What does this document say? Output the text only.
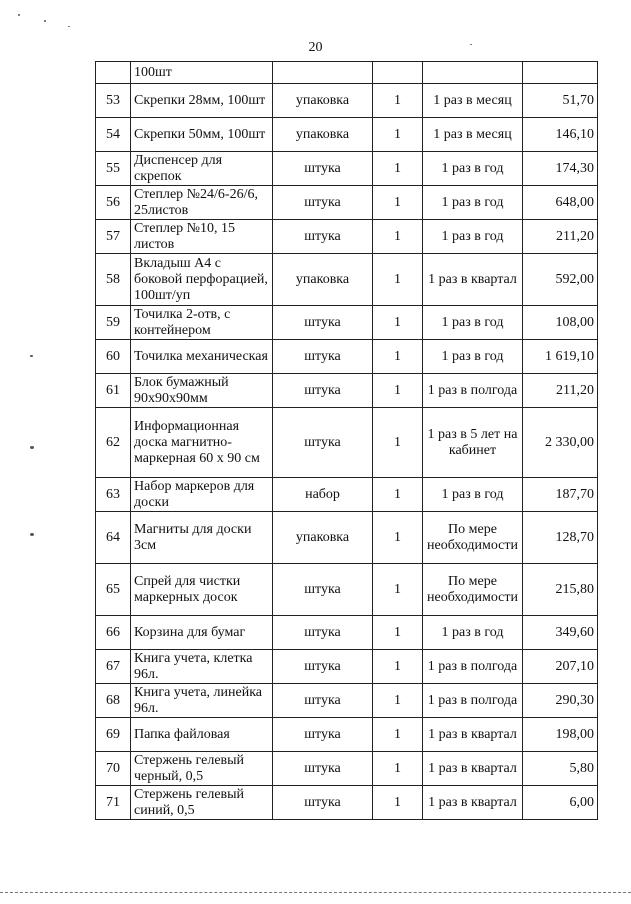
20
	100шт				
53	Скрепки 28мм, 100шт	упаковка	1	1 раз в месяц	51,70
54	Скрепки 50мм, 100шт	упаковка	1	1 раз в месяц	146,10
55	Диспенсер для скрепок	штука	1	1 раз в год	174,30
56	Степлер №24/6-26/6, 25листов	штука	1	1 раз в год	648,00
57	Степлер №10, 15 листов	штука	1	1 раз в год	211,20
58	Вкладыш А4 с боковой перфорацией, 100шт/уп	упаковка	1	1 раз в квартал	592,00
59	Точилка 2-отв, с контейнером	штука	1	1 раз в год	108,00
60	Точилка механическая	штука	1	1 раз в год	1 619,10
61	Блок бумажный 90х90х90мм	штука	1	1 раз в полгода	211,20
62	Информационная доска магнитно-маркерная 60 х 90 см	штука	1	1 раз в 5 лет на кабинет	2 330,00
63	Набор маркеров для доски	набор	1	1 раз в год	187,70
64	Магниты для доски 3см	упаковка	1	По мере необходимости	128,70
65	Спрей для чистки маркерных досок	штука	1	По мере необходимости	215,80
66	Корзина для бумаг	штука	1	1 раз в год	349,60
67	Книга учета, клетка 96л.	штука	1	1 раз в полгода	207,10
68	Книга учета, линейка 96л.	штука	1	1 раз в полгода	290,30
69	Папка файловая	штука	1	1 раз в квартал	198,00
70	Стержень гелевый черный, 0,5	штука	1	1 раз в квартал	5,80
71	Стержень гелевый синий, 0,5	штука	1	1 раз в квартал	6,00
